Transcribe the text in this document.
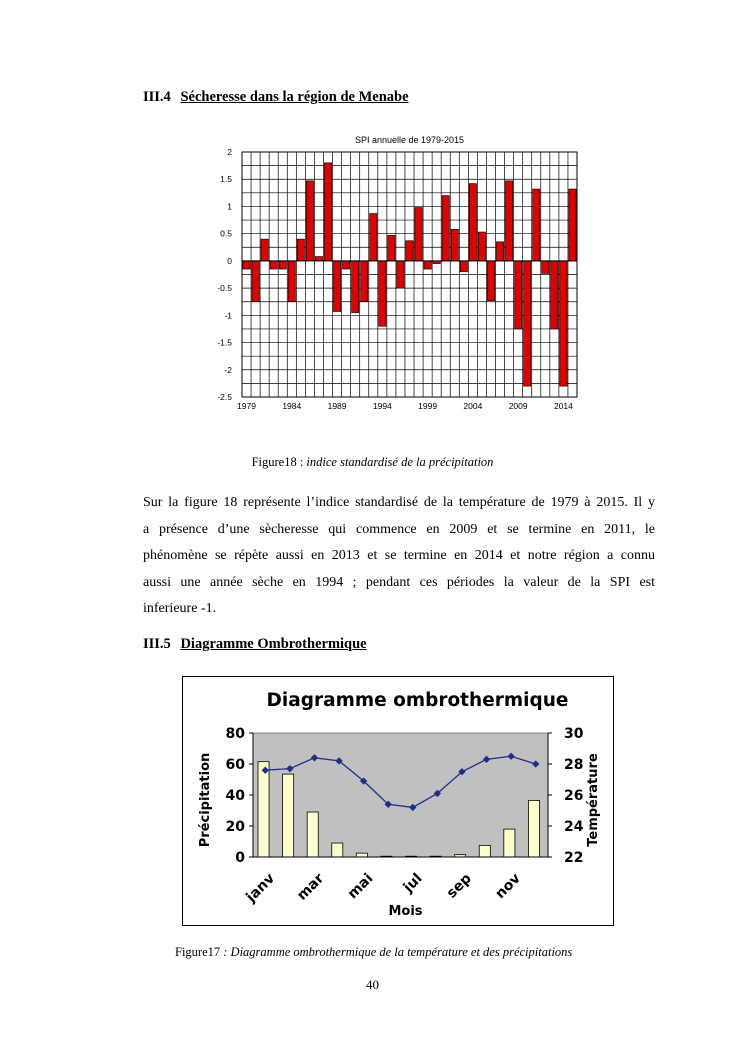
III.4 Sécheresse dans la région de Menabe
SPI annuelle de 1979-2015
2
1.5
1
0.5
0
-0.5
-1
-1.5
-2
-2.5
1979	1984	1989	1994	1999	2004	2009	2014
Figure18 : indice standardisé de la précipitation
Sur la figure 18 représente l’indice standardisé de la température de 1979 à 2015. Il y
a présence d’une sècheresse qui commence en 2009 et se termine en 2011, le
phénomène se répète aussi en 2013 et se termine en 2014 et notre région a connu
aussi une année sèche en 1994 ; pendant ces périodes la valeur de la SPI est
inferieure -1.
III.5 Diagramme Ombrothermique
Diagramme ombrothermique
0
20
40
60
80
22
24
26
28
30
janv mar mai jul sep nov
Mois
Précipitation	Température
Figure17 : Diagramme ombrothermique de la température et des précipitations
40
